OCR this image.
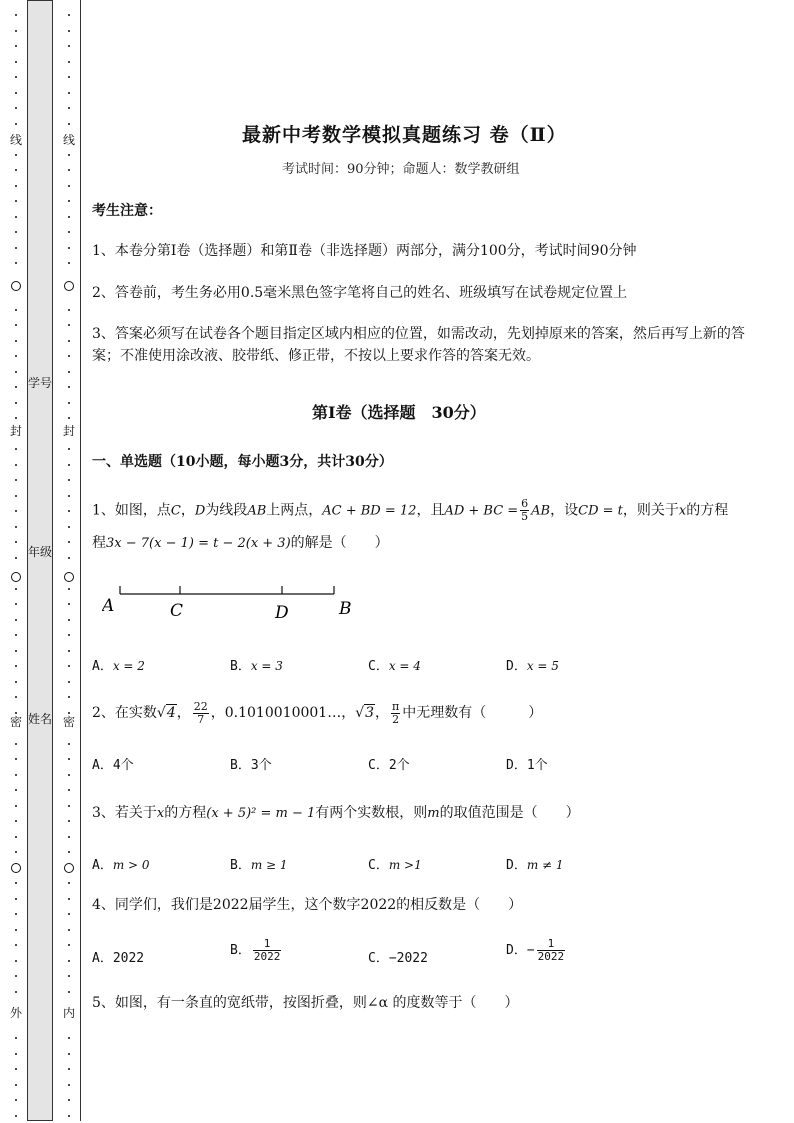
线
封
密
外
学号
年级
姓名
线
封
密
内
最新中考数学模拟真题练习 卷（Ⅱ）
考试时间：90分钟；命题人：数学教研组
考生注意：
1、本卷分第Ⅰ卷（选择题）和第Ⅱ卷（非选择题）两部分，满分100分，考试时间90分钟
2、答卷前，考生务必用0.5毫米黑色签字笔将自己的姓名、班级填写在试卷规定位置上
3、答案必须写在试卷各个题目指定区域内相应的位置，如需改动，先划掉原来的答案，然后再写上新的答案；不准使用涂改液、胶带纸、修正带，不按以上要求作答的答案无效。
第Ⅰ卷（选择题　30分）
一、单选题（10小题，每小题3分，共计30分）
1、如图，点C，D为线段AB上两点，AC + BD = 12，且AD + BC = $\frac{6}{5}$ AB，设CD = t，则关于x的方程
程3x − 7(x − 1) = t − 2(x + 3)的解是（　　）
A	C	D	B
A．x = 2	B．x = 3	C．x = 4	D．x = 5
2、在实数√4， $\frac{22}{7}$ ，0.1010010001…，√3， $\frac{\pi}{2}$ 中无理数有（　　　）
A．4个	B．3个	C．2个	D．1个
3、若关于x的方程(x + 5)² = m − 1有两个实数根，则m的取值范围是（　　）
A．m > 0	B．m ≥ 1	C．m >1	D．m ≠ 1
4、同学们，我们是2022届学生，这个数字2022的相反数是（　　）
A．2022
B． $\frac{1}{2022}$	C．−2022
D．− $\frac{1}{2022}$
5、如图，有一条直的宽纸带，按图折叠，则∠α 的度数等于（　　）
